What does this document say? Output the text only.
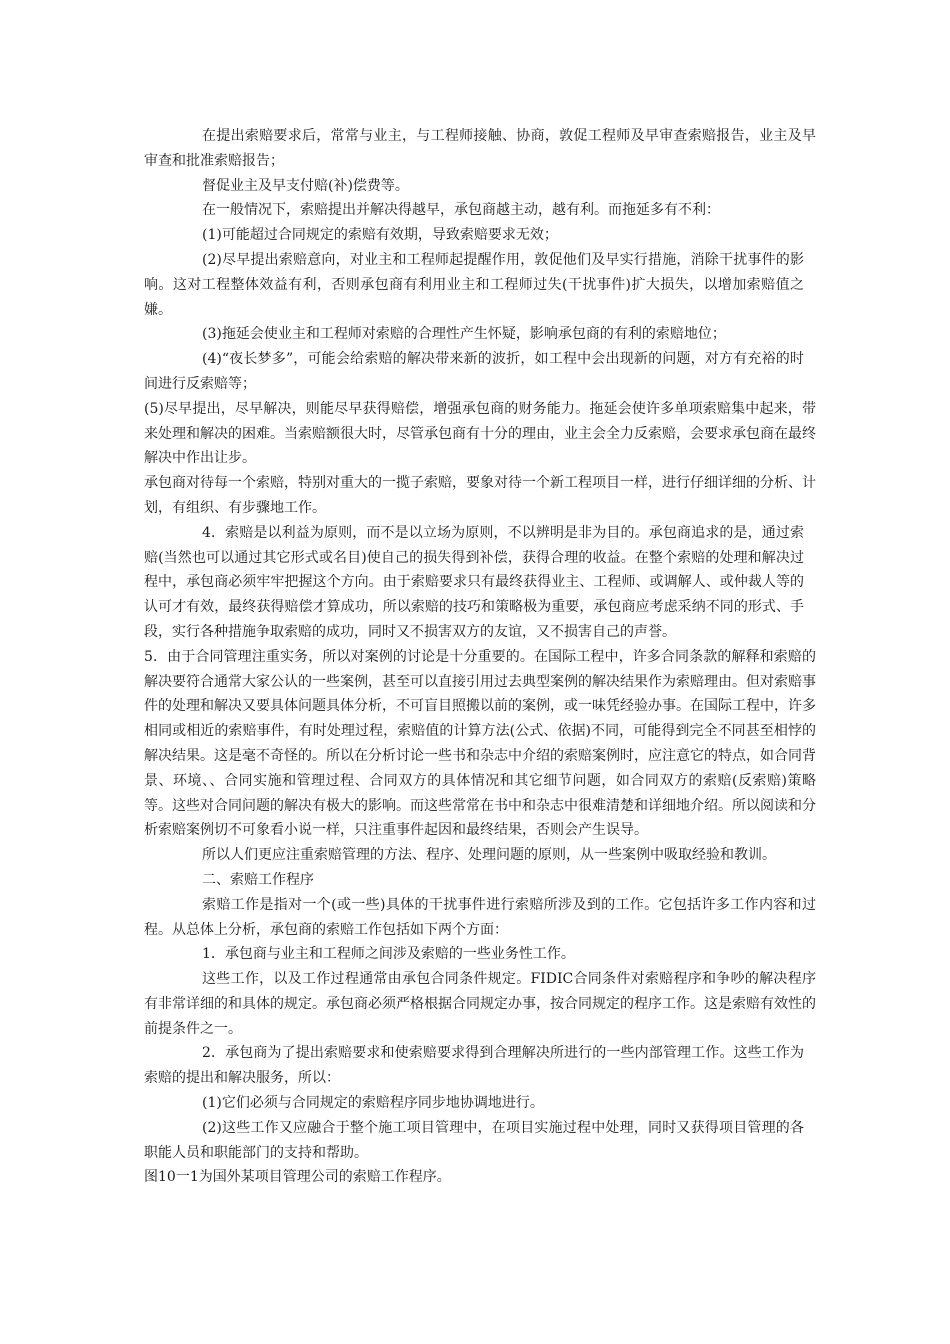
在提出索赔要求后，常常与业主，与工程师接触、协商，敦促工程师及早审查索赔报告，业主及早审查和批准索赔报告；

督促业主及早支付赔(补)偿费等。

在一般情况下，索赔提出并解决得越早，承包商越主动，越有利。而拖延多有不利：

(1)可能超过合同规定的索赔有效期，导致索赔要求无效；

(2)尽早提出索赔意向，对业主和工程师起提醒作用，敦促他们及早实行措施，消除干扰事件的影响。这对工程整体效益有利，否则承包商有利用业主和工程师过失(干扰事件)扩大损失，以增加索赔值之嫌。

(3)拖延会使业主和工程师对索赔的合理性产生怀疑，影响承包商的有利的索赔地位；

(4)“夜长梦多”，可能会给索赔的解决带来新的波折，如工程中会出现新的问题，对方有充裕的时间进行反索赔等；

(5)尽早提出，尽早解决，则能尽早获得赔偿，增强承包商的财务能力。拖延会使许多单项索赔集中起来，带来处理和解决的困难。当索赔额很大时，尽管承包商有十分的理由，业主会全力反索赔，会要求承包商在最终解决中作出让步。

承包商对待每一个索赔，特别对重大的一揽子索赔，要象对待一个新工程项目一样，进行仔细详细的分析、计划，有组织、有步骤地工作。

4．索赔是以利益为原则，而不是以立场为原则，不以辨明是非为目的。承包商追求的是，通过索赔(当然也可以通过其它形式或名目)使自己的损失得到补偿，获得合理的收益。在整个索赔的处理和解决过程中，承包商必须牢牢把握这个方向。由于索赔要求只有最终获得业主、工程师、或调解人、或仲裁人等的认可才有效，最终获得赔偿才算成功，所以索赔的技巧和策略极为重要，承包商应考虑采纳不同的形式、手段，实行各种措施争取索赔的成功，同时又不损害双方的友谊，又不损害自己的声誉。

5．由于合同管理注重实务，所以对案例的讨论是十分重要的。在国际工程中，许多合同条款的解释和索赔的解决要符合通常大家公认的一些案例，甚至可以直接引用过去典型案例的解决结果作为索赔理由。但对索赔事件的处理和解决又要具体问题具体分析，不可盲目照搬以前的案例，或一味凭经验办事。在国际工程中，许多相同或相近的索赔事件，有时处理过程，索赔值的计算方法(公式、依据)不同，可能得到完全不同甚至相悖的解决结果。这是毫不奇怪的。所以在分析讨论一些书和杂志中介绍的索赔案例时，应注意它的特点，如合同背景、环境、、合同实施和管理过程、合同双方的具体情况和其它细节问题，如合同双方的索赔(反索赔)策略等。这些对合同问题的解决有极大的影响。而这些常常在书中和杂志中很难清楚和详细地介绍。所以阅读和分析索赔案例切不可象看小说一样，只注重事件起因和最终结果，否则会产生误导。

所以人们更应注重索赔管理的方法、程序、处理问题的原则，从一些案例中吸取经验和教训。

二、索赔工作程序

索赔工作是指对一个(或一些)具体的干扰事件进行索赔所涉及到的工作。它包括许多工作内容和过程。从总体上分析，承包商的索赔工作包括如下两个方面：

1．承包商与业主和工程师之间涉及索赔的一些业务性工作。

这些工作，以及工作过程通常由承包合同条件规定。FIDIC合同条件对索赔程序和争吵的解决程序有非常详细的和具体的规定。承包商必须严格根据合同规定办事，按合同规定的程序工作。这是索赔有效性的前提条件之一。

2．承包商为了提出索赔要求和使索赔要求得到合理解决所进行的一些内部管理工作。这些工作为索赔的提出和解决服务，所以：

(1)它们必须与合同规定的索赔程序同步地协调地进行。

(2)这些工作又应融合于整个施工项目管理中，在项目实施过程中处理，同时又获得项目管理的各职能人员和职能部门的支持和帮助。

图10一1为国外某项目管理公司的索赔工作程序。
